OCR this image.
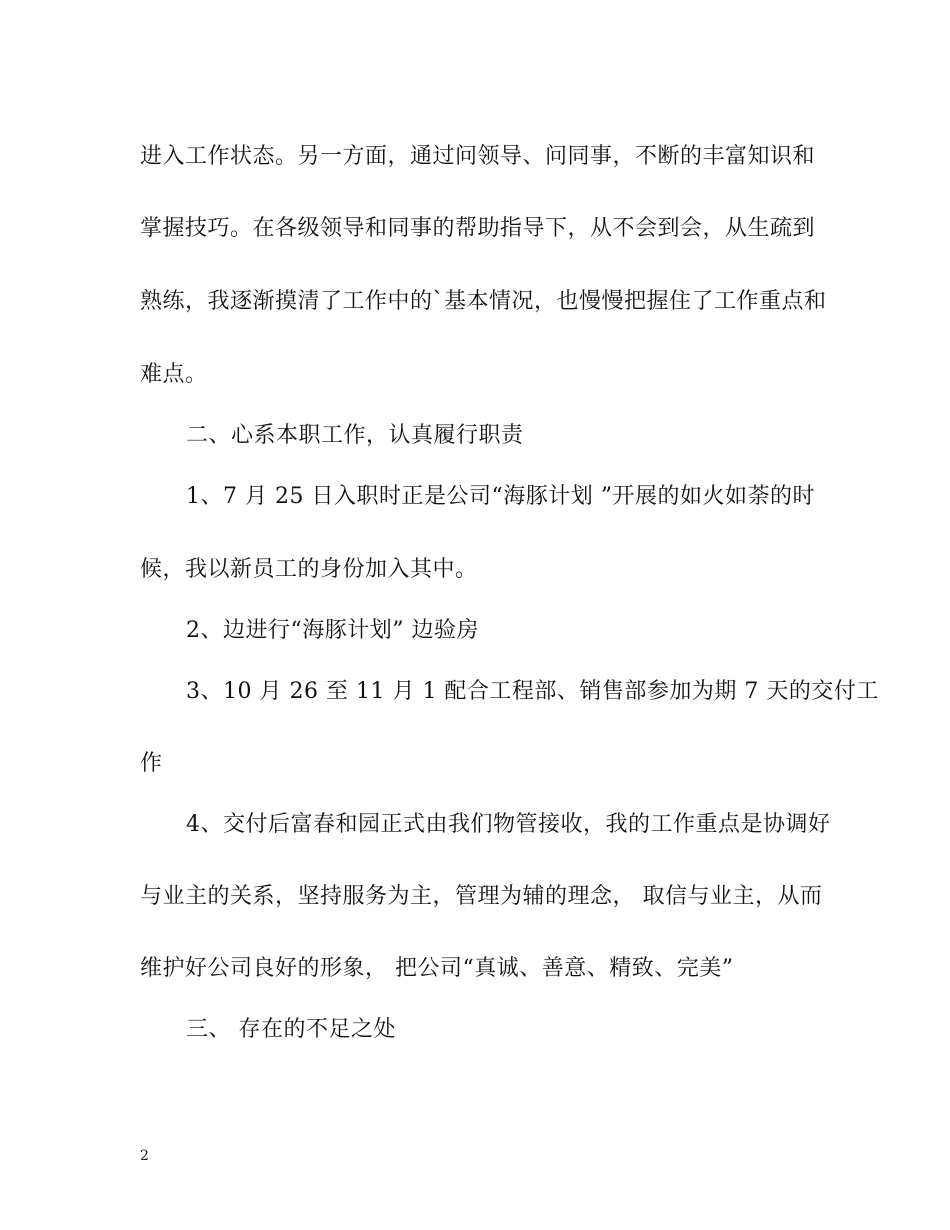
进入工作状态。另一方面，通过问领导、问同事，不断的丰富知识和
掌握技巧。在各级领导和同事的帮助指导下，从不会到会，从生疏到
熟练，我逐渐摸清了工作中的`基本情况，也慢慢把握住了工作重点和
难点。
二、心系本职工作，认真履行职责
1、7 月 25 日入职时正是公司“海豚计划 ”开展的如火如荼的时
候，我以新员工的身份加入其中。
2、边进行“海豚计划” 边验房
3、10 月 26 至 11 月 1 配合工程部、销售部参加为期 7 天的交付工
作
4、交付后富春和园正式由我们物管接收，我的工作重点是协调好
与业主的关系，坚持服务为主，管理为辅的理念， 取信与业主，从而
维护好公司良好的形象， 把公司“真诚、善意、精致、完美”
三、 存在的不足之处
2
